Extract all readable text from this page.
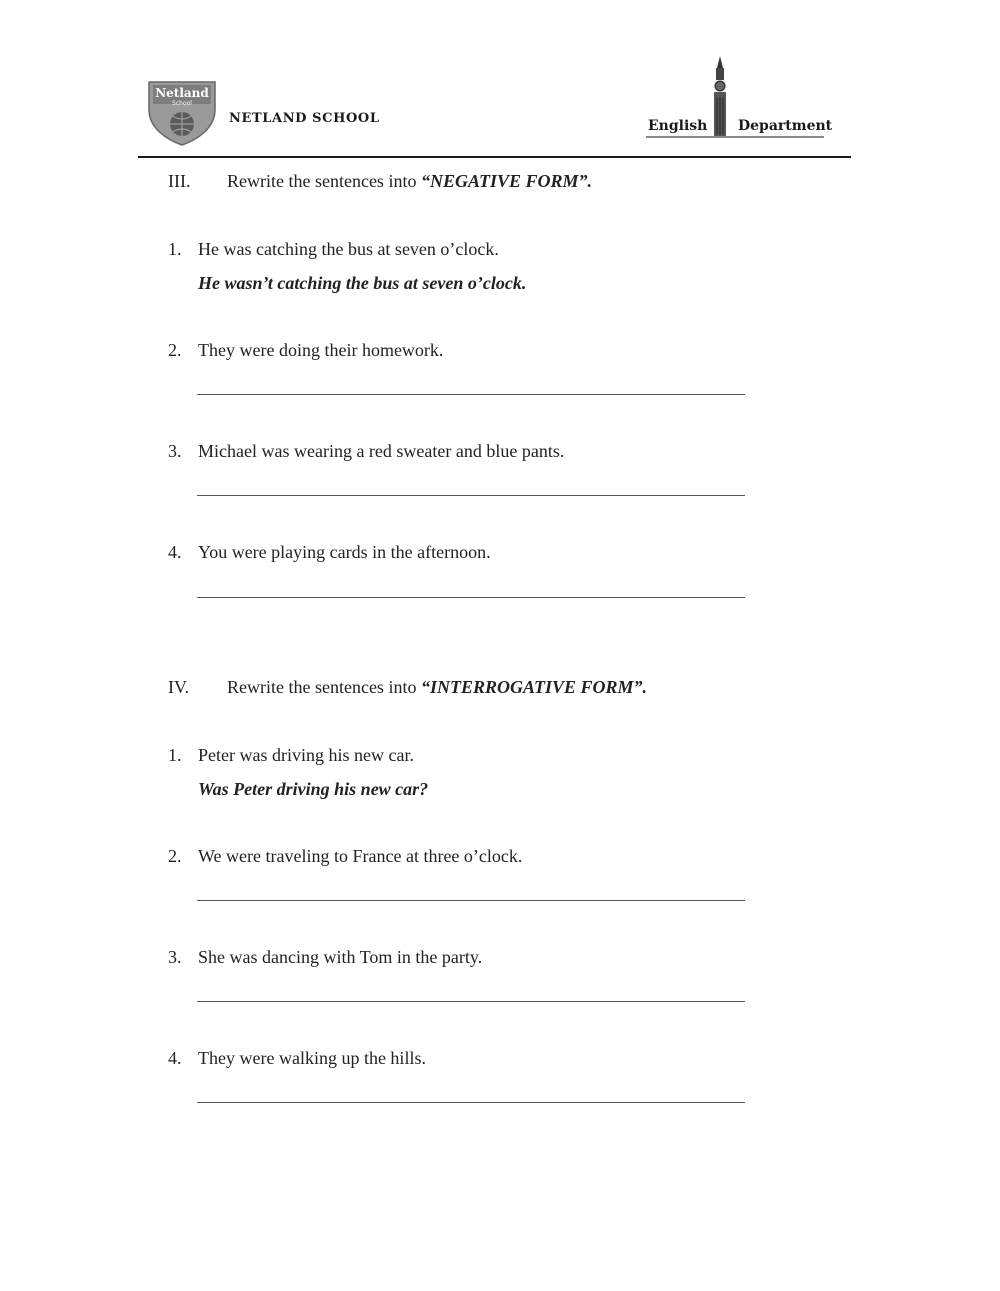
Netland
School
NETLAND SCHOOL	English Department
III. Rewrite the sentences into “NEGATIVE FORM”.
1. He was catching the bus at seven o’clock.
He wasn’t catching the bus at seven o’clock.
2. They were doing their homework.
3. Michael was wearing a red sweater and blue pants.
4. You were playing cards in the afternoon.
IV. Rewrite the sentences into “INTERROGATIVE FORM”.
1. Peter was driving his new car.
Was Peter driving his new car?
2. We were traveling to France at three o’clock.
3. She was dancing with Tom in the party.
4. They were walking up the hills.
